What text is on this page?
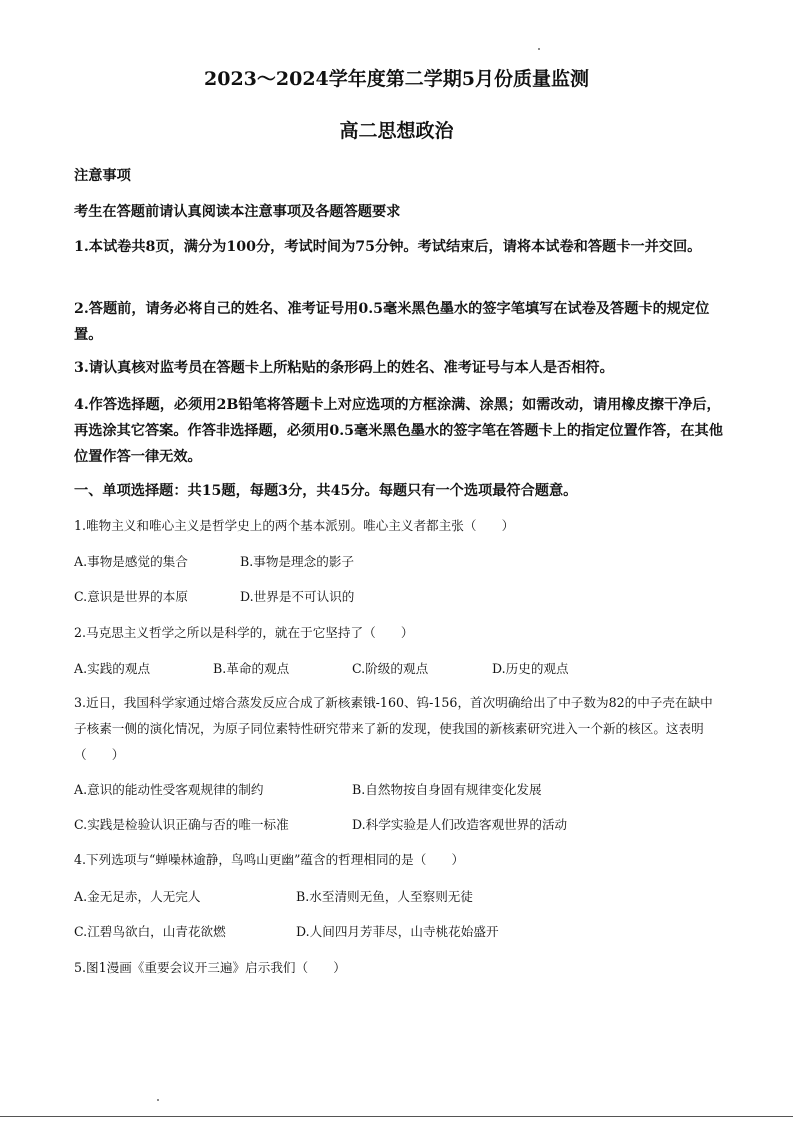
2023～2024学年度第二学期5月份质量监测
高二思想政治
注意事项
考生在答题前请认真阅读本注意事项及各题答题要求
1.本试卷共8页，满分为100分，考试时间为75分钟。考试结束后，请将本试卷和答题卡一并交回。
2.答题前，请务必将自己的姓名、准考证号用0.5毫米黑色墨水的签字笔填写在试卷及答题卡的规定位置。
3.请认真核对监考员在答题卡上所粘贴的条形码上的姓名、准考证号与本人是否相符。
4.作答选择题，必须用2B铅笔将答题卡上对应选项的方框涂满、涂黑；如需改动，请用橡皮擦干净后，再选涂其它答案。作答非选择题，必须用0.5毫米黑色墨水的签字笔在答题卡上的指定位置作答，在其他位置作答一律无效。
一、单项选择题：共15题，每题3分，共45分。每题只有一个选项最符合题意。
1.唯物主义和唯心主义是哲学史上的两个基本派别。唯心主义者都主张（　　）
A.事物是感觉的集合	B.事物是理念的影子
C.意识是世界的本原	D.世界是不可认识的
2.马克思主义哲学之所以是科学的，就在于它坚持了（　　）
A.实践的观点	B.革命的观点	C.阶级的观点	D.历史的观点
3.近日，我国科学家通过熔合蒸发反应合成了新核素锇-160、钨-156，首次明确给出了中子数为82的中子壳在缺中子核素一侧的演化情况，为原子同位素特性研究带来了新的发现，使我国的新核素研究进入一个新的核区。这表明（　　）
A.意识的能动性受客观规律的制约	B.自然物按自身固有规律变化发展
C.实践是检验认识正确与否的唯一标准	D.科学实验是人们改造客观世界的活动
4.下列选项与“蝉噪林逾静，鸟鸣山更幽”蕴含的哲理相同的是（　　）
A.金无足赤，人无完人	B.水至清则无鱼，人至察则无徒
C.江碧鸟欲白，山青花欲燃	D.人间四月芳菲尽，山寺桃花始盛开
5.图1漫画《重要会议开三遍》启示我们（　　）
